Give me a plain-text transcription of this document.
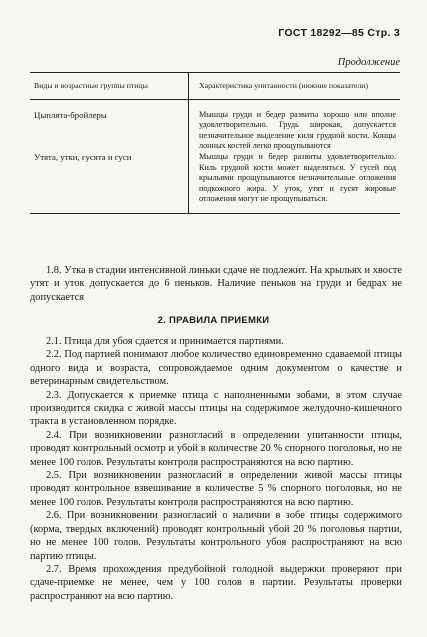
ГОСТ 18292—85 Стр. 3
Продолжение
Виды и возрастные группы птицы	Характеристика упитанности (нижние показатели)
Цыплята-бройлеры	Мышцы груди и бедер развиты хорошо или вполне удовлетворительно. Грудь широкая, допускается незначительное выделение киля грудной кости. Концы лонных костей легко прощупываются
Утята, утки, гусята и гуси	Мышцы груди и бедер развиты удовлетворительно. Киль грудной кости может выделяться. У гусей под крыльями прощупываются незначительные отложения подкожного жира. У уток, утят и гусят жировые отложения могут не прощупываться.

1.8. Утка в стадии интенсивной линьки сдаче не подлежит. На крыльях и хвосте утят и уток допускается до 6 пеньков. Наличие пеньков на груди и бедрах не допускается

2. ПРАВИЛА ПРИЕМКИ

2.1. Птица для убоя сдается и принимается партиями.

2.2. Под партией понимают любое количество единовременно сдаваемой птицы одного вида и возраста, сопровождаемое одним документом о качестве и ветеринарным свидетельством.

2.3. Допускается к приемке птица с наполненными зобами, в этом случае производится скидка с живой массы птицы на содержимое желудочно-кишечного тракта в установленном порядке.

2.4. При возникновении разногласий в определении упитанности птицы, проводят контрольный осмотр и убой в количестве 20 % спорного поголовья, но не менее 100 голов. Результаты контроля распространяются на всю партию.

2.5. При возникновении разногласий в определении живой массы птицы проводят контрольное взвешивание в количестве 5 % спорного поголовья, но не менее 100 голов. Результаты контроля распространяются на всю партию.

2.6. При возникновении разногласий о наличии в зобе птицы содержимого (корма, твердых включений) проводят контрольный убой 20 % поголовья партии, но не менее 100 голов. Результаты контрольного убоя распространяют на всю партию птицы.

2.7. Время прохождения предубойной голодной выдержки проверяют при сдаче-приемке не менее, чем у 100 голов в партии. Результаты проверки распространяют на всю партию.
